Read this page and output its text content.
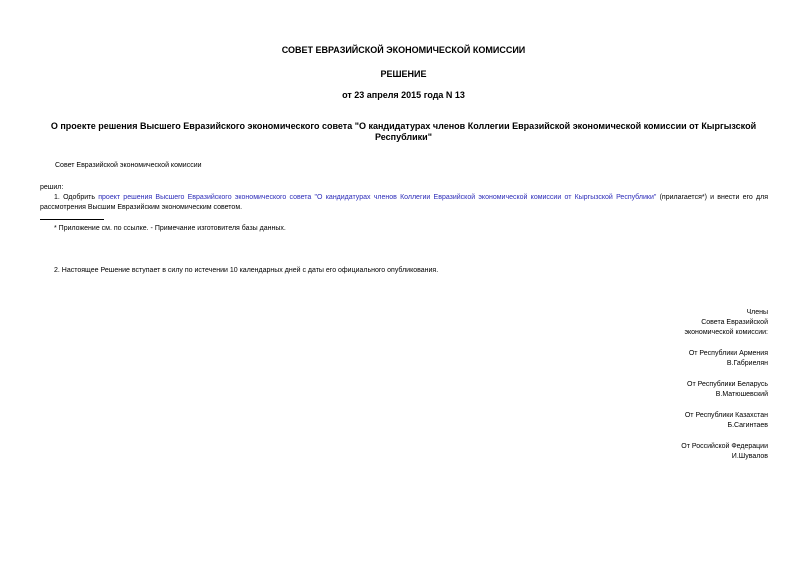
СОВЕТ ЕВРАЗИЙСКОЙ ЭКОНОМИЧЕСКОЙ КОМИССИИ
РЕШЕНИЕ
от 23 апреля 2015 года N 13
О проекте решения Высшего Евразийского экономического совета "О кандидатурах членов Коллегии Евразийской экономической комиссии от Кыргызской Республики"
Совет Евразийской экономической комиссии
решил:
1. Одобрить проект решения Высшего Евразийского экономического совета "О кандидатурах членов Коллегии Евразийской экономической комиссии от Кыргызской Республики" (прилагается*) и внести его для рассмотрения Высшим Евразийским экономическим советом.
* Приложение см. по ссылке. - Примечание изготовителя базы данных.
2. Настоящее Решение вступает в силу по истечении 10 календарных дней с даты его официального опубликования.
Члены
Совета Евразийской
экономической комиссии:
От Республики Армения
В.Габриелян
От Республики Беларусь
В.Матюшевский
От Республики Казахстан
Б.Сагинтаев
От Российской Федерации
И.Шувалов
